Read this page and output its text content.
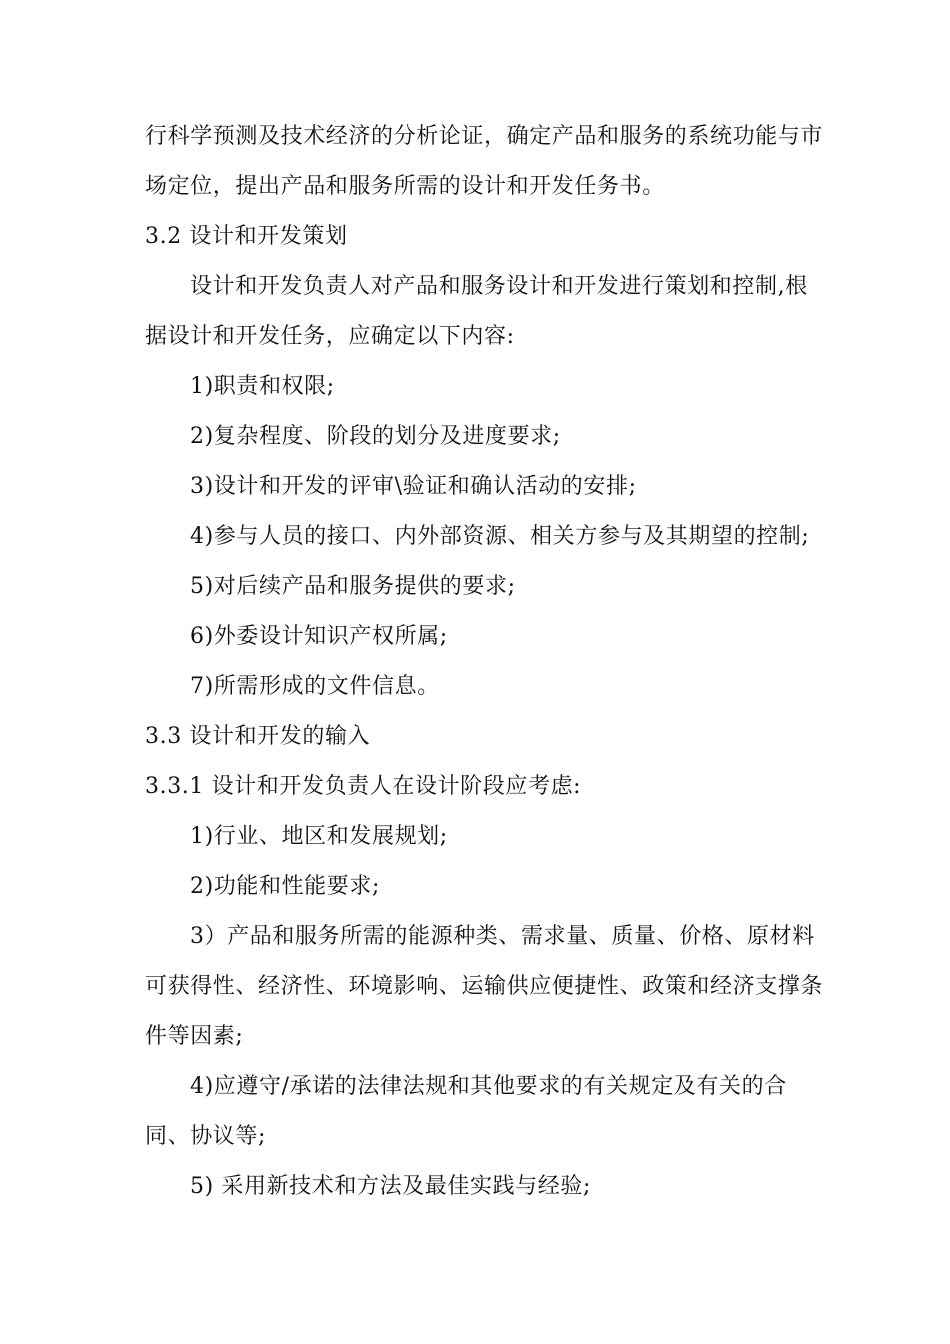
行科学预测及技术经济的分析论证，确定产品和服务的系统功能与市
场定位，提出产品和服务所需的设计和开发任务书。
3.2 设计和开发策划
设计和开发负责人对产品和服务设计和开发进行策划和控制,根
据设计和开发任务，应确定以下内容:
1)职责和权限;
2)复杂程度、阶段的划分及进度要求;
3)设计和开发的评审\验证和确认活动的安排;
4)参与人员的接口、内外部资源、相关方参与及其期望的控制;
5)对后续产品和服务提供的要求;
6)外委设计知识产权所属;
7)所需形成的文件信息。
3.3 设计和开发的输入
3.3.1 设计和开发负责人在设计阶段应考虑:
1)行业、地区和发展规划;
2)功能和性能要求;
3）产品和服务所需的能源种类、需求量、质量、价格、原材料
可获得性、经济性、环境影响、运输供应便捷性、政策和经济支撑条
件等因素;
4)应遵守/承诺的法律法规和其他要求的有关规定及有关的合
同、协议等;
5) 采用新技术和方法及最佳实践与经验;
